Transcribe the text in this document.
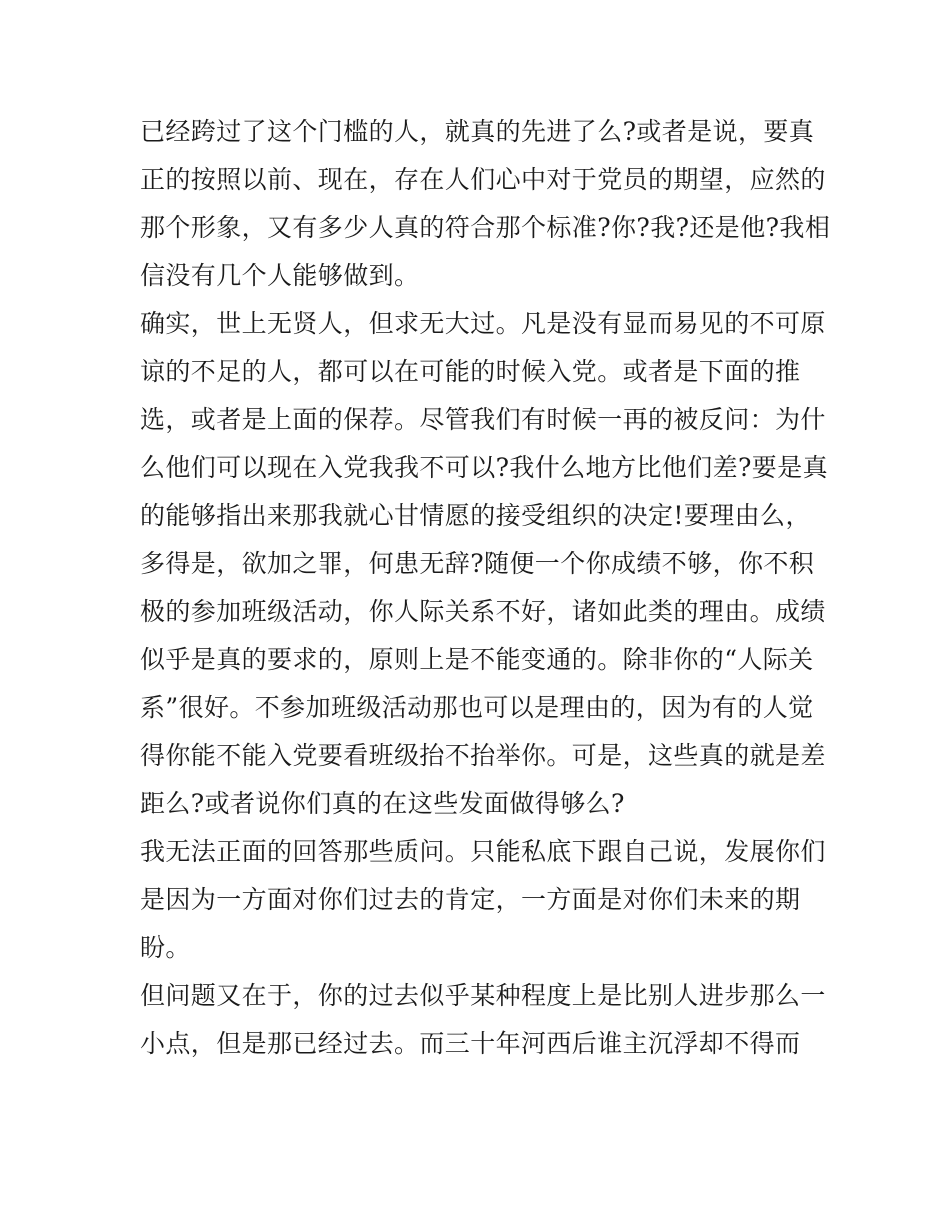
已经跨过了这个门槛的人，就真的先进了么?或者是说，要真
正的按照以前、现在，存在人们心中对于党员的期望，应然的
那个形象，又有多少人真的符合那个标准?你?我?还是他?我相
信没有几个人能够做到。
确实，世上无贤人，但求无大过。凡是没有显而易见的不可原
谅的不足的人，都可以在可能的时候入党。或者是下面的推
选，或者是上面的保荐。尽管我们有时候一再的被反问：为什
么他们可以现在入党我我不可以?我什么地方比他们差?要是真
的能够指出来那我就心甘情愿的接受组织的决定!要理由么，
多得是，欲加之罪，何患无辞?随便一个你成绩不够，你不积
极的参加班级活动，你人际关系不好，诸如此类的理由。成绩
似乎是真的要求的，原则上是不能变通的。除非你的“人际关
系”很好。不参加班级活动那也可以是理由的，因为有的人觉
得你能不能入党要看班级抬不抬举你。可是，这些真的就是差
距么?或者说你们真的在这些发面做得够么?
我无法正面的回答那些质问。只能私底下跟自己说，发展你们
是因为一方面对你们过去的肯定，一方面是对你们未来的期
盼。
但问题又在于，你的过去似乎某种程度上是比别人进步那么一
小点，但是那已经过去。而三十年河西后谁主沉浮却不得而
